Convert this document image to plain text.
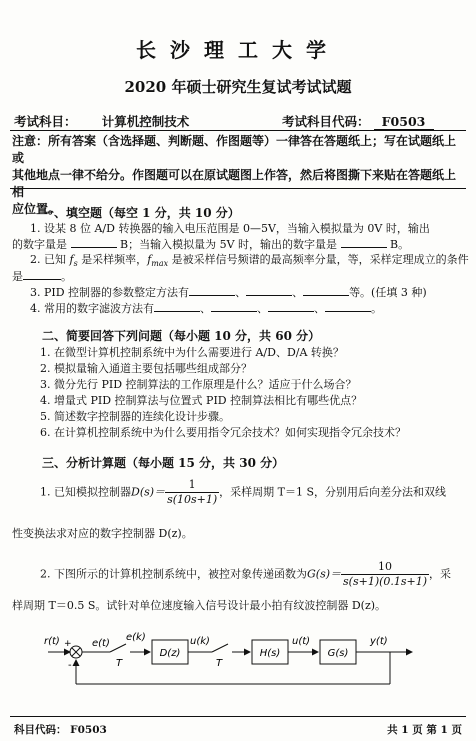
长沙理工大学
2020 年硕士研究生复试考试试题
考试科目： 计算机控制技术	考试科目代码： F0503

注意：所有答案（含选择题、判断题、作图题等）一律答在答题纸上；写在试题纸上或

其他地点一律不给分。作图题可以在原试题图上作答，然后将图撕下来贴在答题纸上相

应位置。

一、填空题（每空 1 分，共 10 分）
1. 设某 8 位 A/D 转换器的输入电压范围是 0—5V，当输入模拟量为 0V 时，输出
的数字量是	B；当输入模拟量为 5V 时，输出的数字量是	B。
2. 已知 $f_s$ 是采样频率，$f_{max}$ 是被采样信号频谱的最高频率分量，等，采样定理成立的条件
是	。
3. PID 控制器的参数整定方法有	、	、	等。(任填 3 种)
4. 常用的数字滤波方法有	、	、	、	。
二、简要回答下列问题（每小题 10 分，共 60 分）
1. 在微型计算机控制系统中为什么需要进行 A/D、D/A 转换？
2. 模拟量输入通道主要包括哪些组成部分？
3. 微分先行 PID 控制算法的工作原理是什么？适应于什么场合？
4. 增量式 PID 控制算法与位置式 PID 控制算法相比有哪些优点？
5. 简述数字控制器的连续化设计步骤。
6. 在计算机控制系统中为什么要用指令冗余技术？如何实现指令冗余技术？
三、分析计算题（每小题 15 分，共 30 分）
1. 已知模拟控制器$D(s)= \frac{1}{s(10s+1)}$ ，采样周期 T＝1 S，分别用后向差分法和双线
性变换法求对应的数字控制器 D(z)。
2. 下图所示的计算机控制系统中，被控对象传递函数为$G(s)= \frac{10}{s(s+1)(0.1s+1)}$ ，采
样周期 T＝0.5 S。试针对单位速度输入信号设计最小拍有纹波控制器 D(z)。
r(t) +
-
e(t)
e(k)
T
D(z)
u(k)
T
H(s)
u(t)
G(s)
y(t)
科目代码： F0503	共 1 页 第 1 页
